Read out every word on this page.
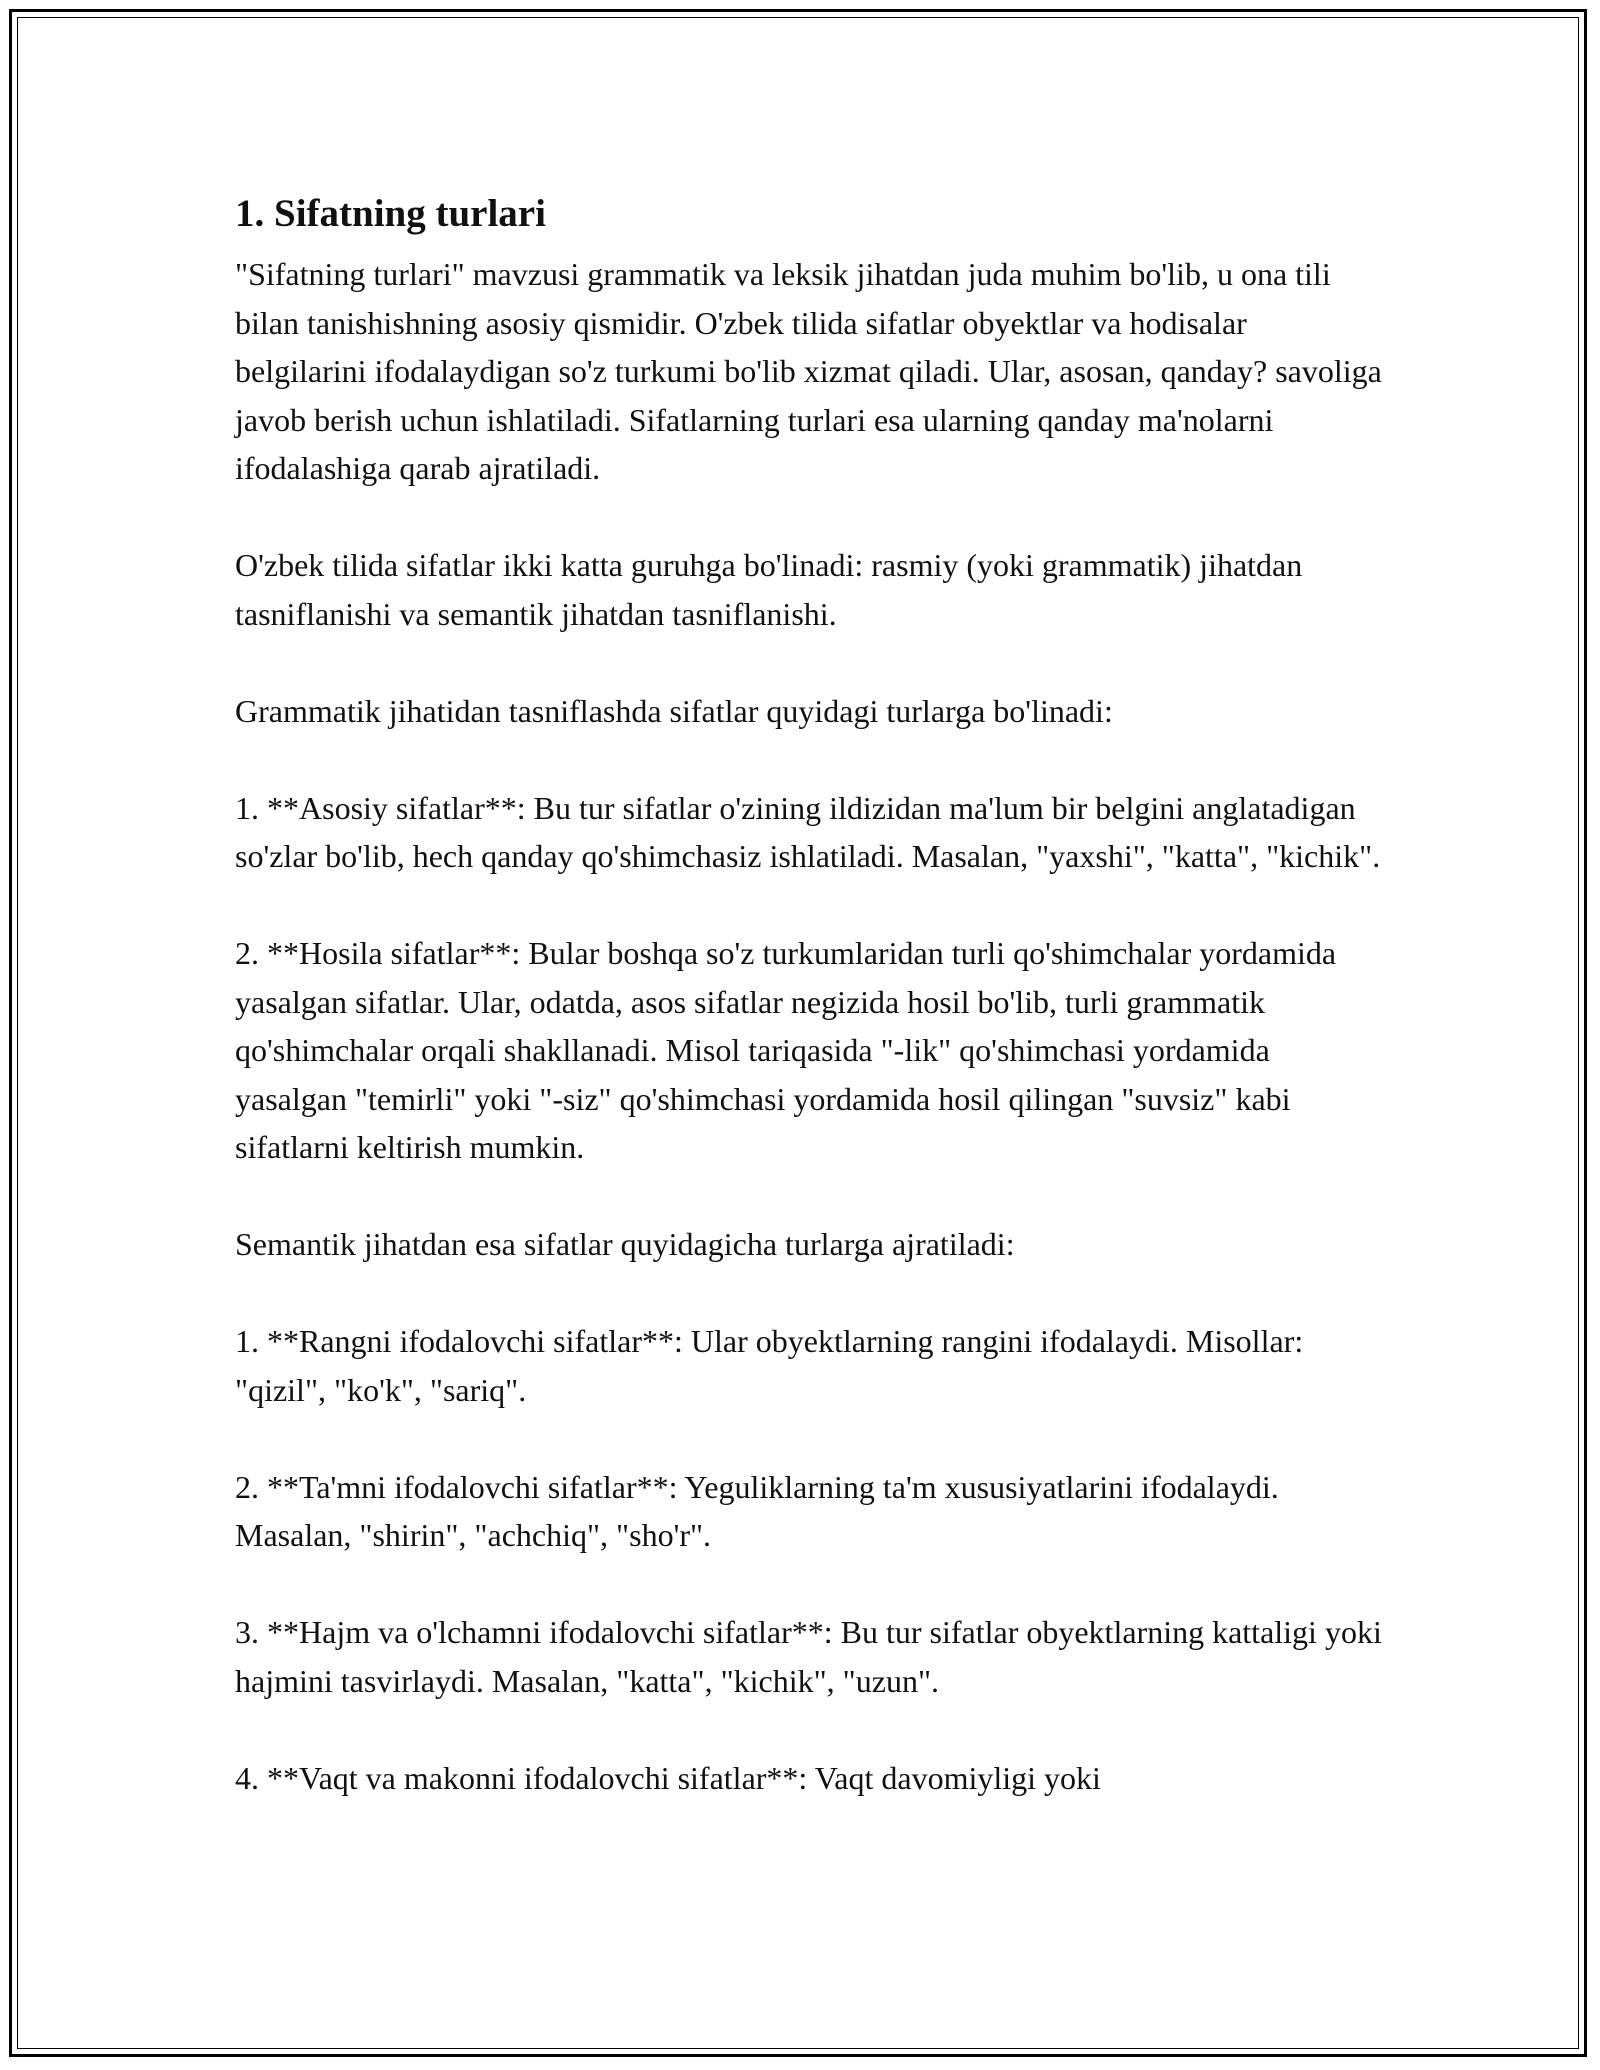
1. Sifatning turlari

"Sifatning turlari" mavzusi grammatik va leksik jihatdan juda muhim bo'lib, u ona tili bilan tanishishning asosiy qismidir. O'zbek tilida sifatlar obyektlar va hodisalar belgilarini ifodalaydigan so'z turkumi bo'lib xizmat qiladi. Ular, asosan, qanday? savoliga javob berish uchun ishlatiladi. Sifatlarning turlari esa ularning qanday ma'nolarni ifodalashiga qarab ajratiladi.

O'zbek tilida sifatlar ikki katta guruhga bo'linadi: rasmiy (yoki grammatik) jihatdan tasniflanishi va semantik jihatdan tasniflanishi.

Grammatik jihatidan tasniflashda sifatlar quyidagi turlarga bo'linadi:

1. **Asosiy sifatlar**: Bu tur sifatlar o'zining ildizidan ma'lum bir belgini anglatadigan so'zlar bo'lib, hech qanday qo'shimchasiz ishlatiladi. Masalan, "yaxshi", "katta", "kichik".

2. **Hosila sifatlar**: Bular boshqa so'z turkumlaridan turli qo'shimchalar yordamida yasalgan sifatlar. Ular, odatda, asos sifatlar negizida hosil bo'lib, turli grammatik qo'shimchalar orqali shakllanadi. Misol tariqasida "-lik" qo'shimchasi yordamida yasalgan "temirli" yoki "-siz" qo'shimchasi yordamida hosil qilingan "suvsiz" kabi sifatlarni keltirish mumkin.

Semantik jihatdan esa sifatlar quyidagicha turlarga ajratiladi:

1. **Rangni ifodalovchi sifatlar**: Ular obyektlarning rangini ifodalaydi. Misollar: "qizil", "ko'k", "sariq".

2. **Ta'mni ifodalovchi sifatlar**: Yeguliklarning ta'm xususiyatlarini ifodalaydi. Masalan, "shirin", "achchiq", "sho'r".

3. **Hajm va o'lchamni ifodalovchi sifatlar**: Bu tur sifatlar obyektlarning kattaligi yoki hajmini tasvirlaydi. Masalan, "katta", "kichik", "uzun".

4. **Vaqt va makonni ifodalovchi sifatlar**: Vaqt davomiyligi yoki
